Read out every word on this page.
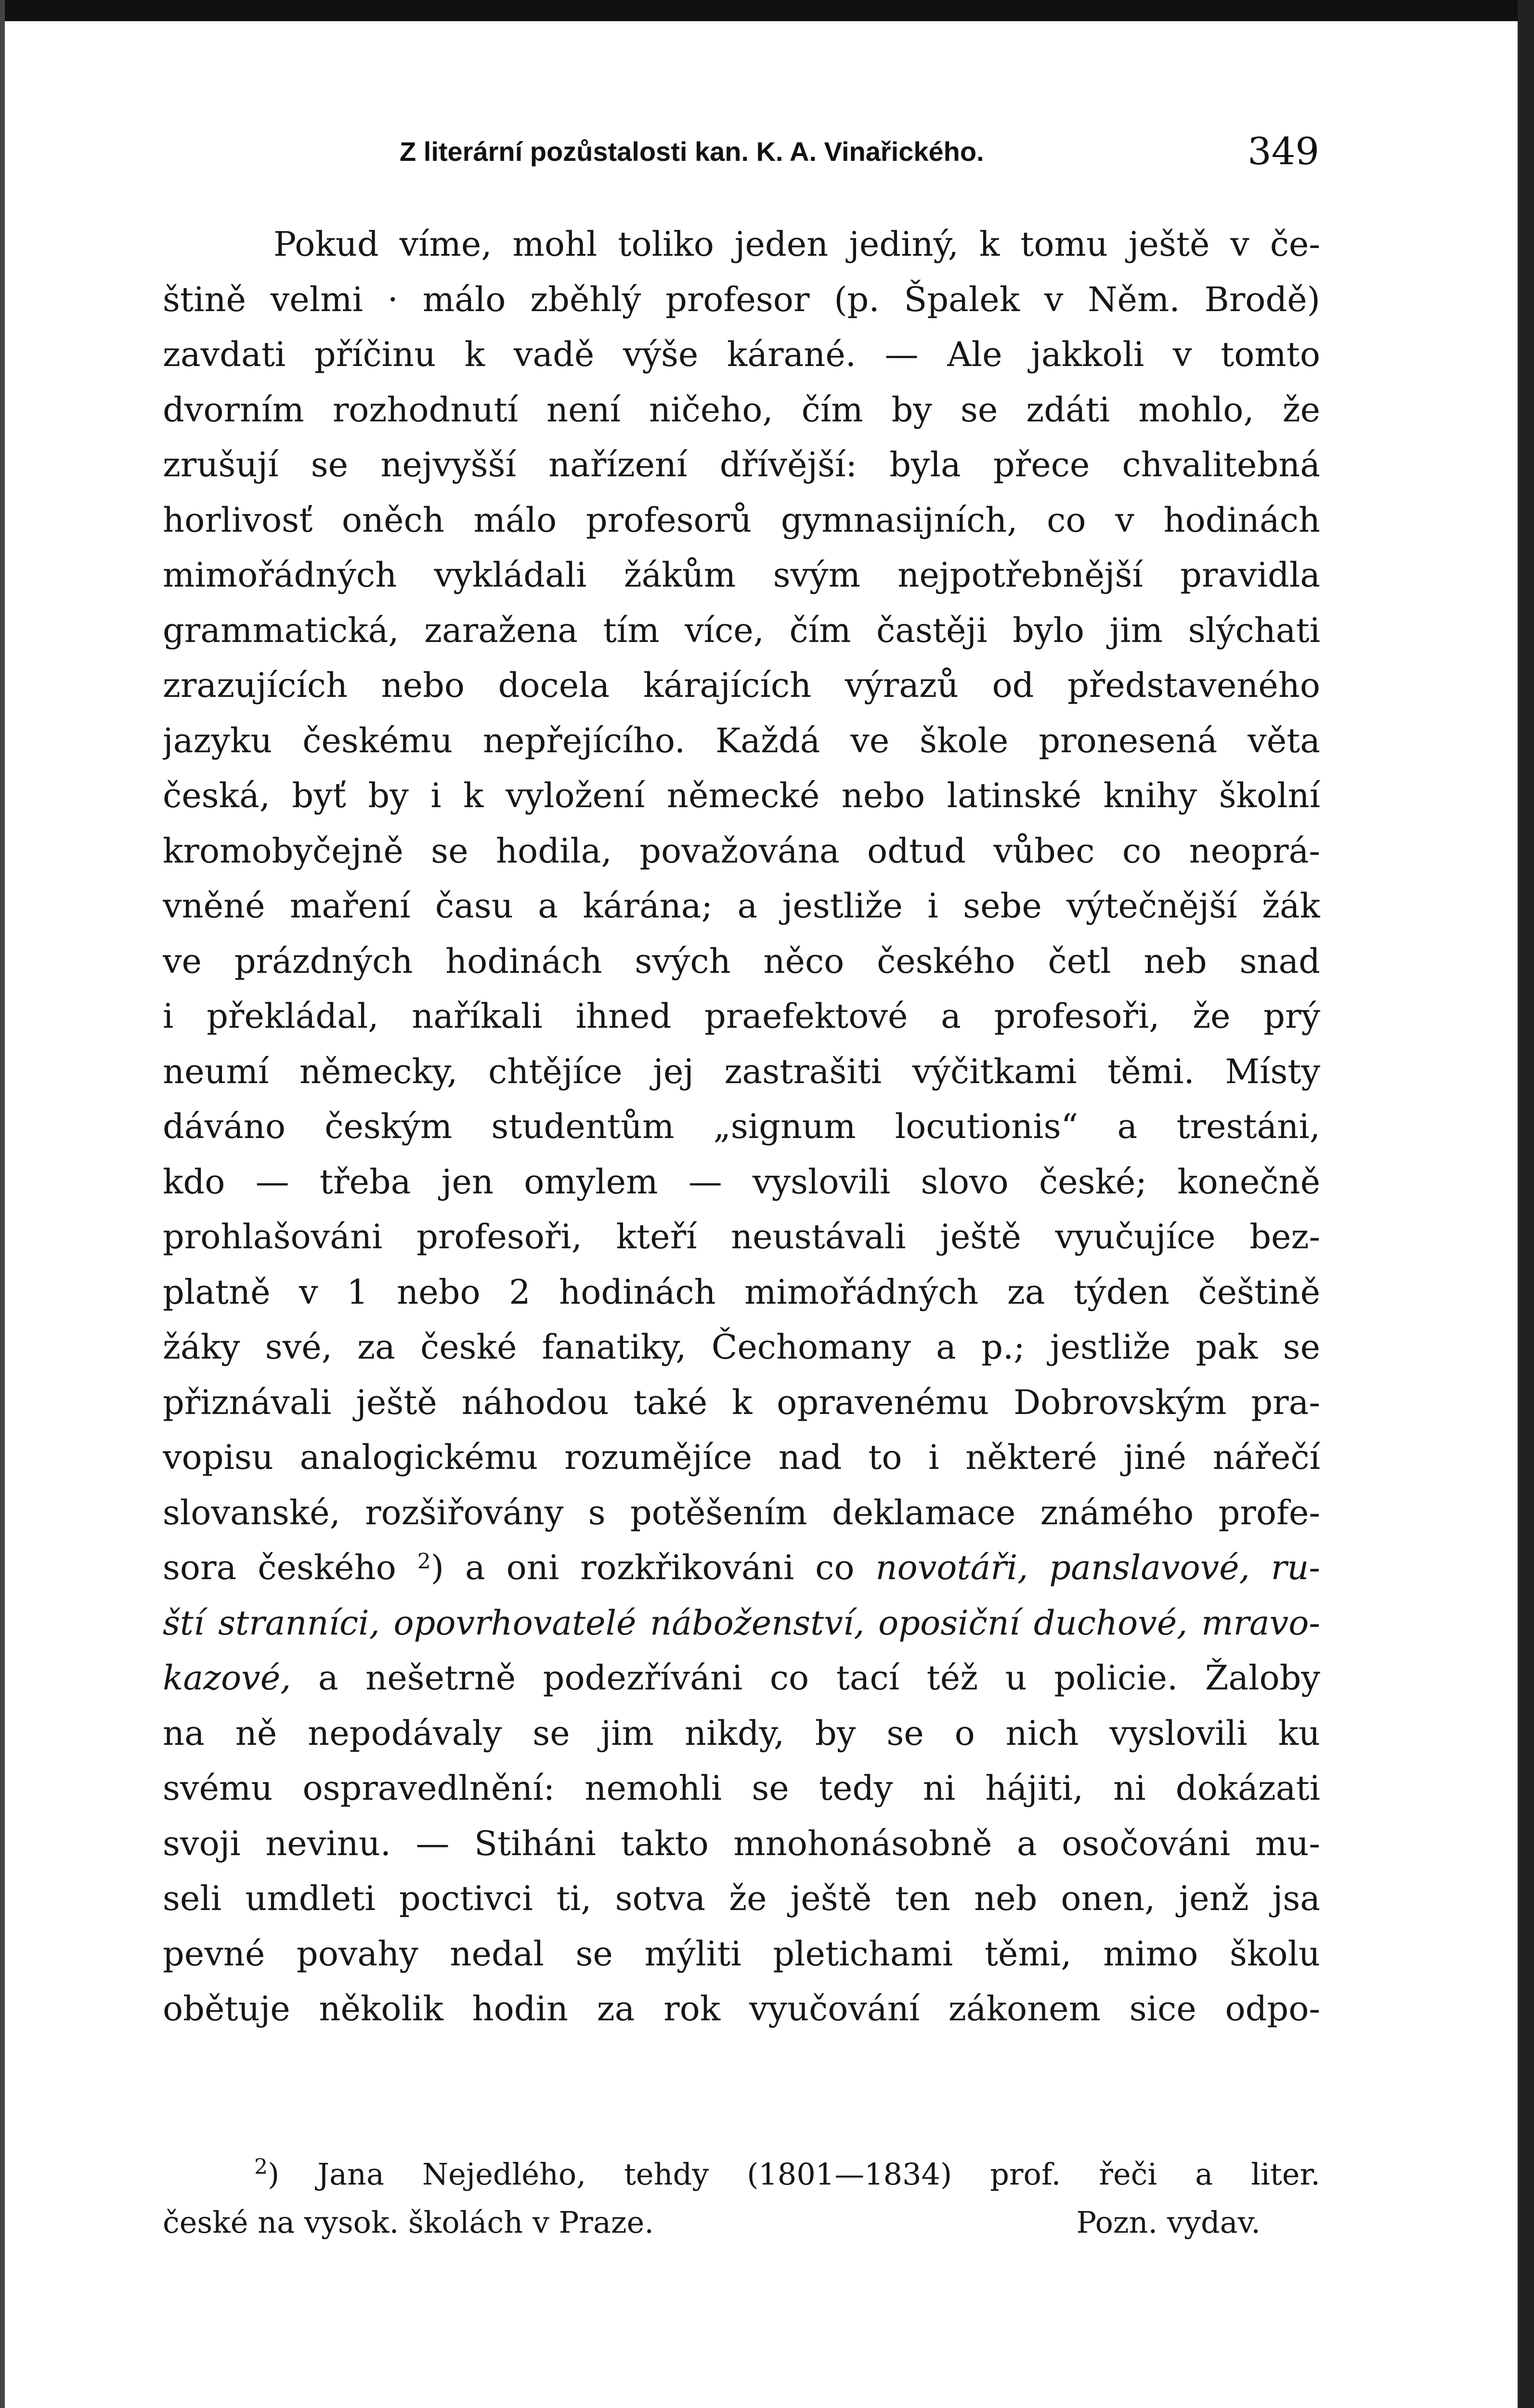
Z literární pozůstalosti kan. K. A. Vinařického.	349
Pokud víme, mohl toliko jeden jediný, k tomu ještě v če-
štině velmi · málo zběhlý profesor (p. Špalek v Něm. Brodě)
zavdati příčinu k vadě výše kárané. — Ale jakkoli v tomto
dvorním rozhodnutí není ničeho, čím by se zdáti mohlo, že
zrušují se nejvyšší nařízení dřívější: byla přece chvalitebná
horlivosť oněch málo profesorů gymnasijních, co v hodinách
mimořádných vykládali žákům svým nejpotřebnější pravidla
grammatická, zaražena tím více, čím častěji bylo jim slýchati
zrazujících nebo docela kárajících výrazů od představeného
jazyku českému nepřejícího. Každá ve škole pronesená věta
česká, byť by i k vyložení německé nebo latinské knihy školní
kromobyčejně se hodila, považována odtud vůbec co neoprá-
vněné maření času a kárána; a jestliže i sebe výtečnější žák
ve prázdných hodinách svých něco českého četl neb snad
i překládal, naříkali ihned praefektové a profesoři, že prý
neumí německy, chtějíce jej zastrašiti výčitkami těmi. Místy
dáváno českým studentům „signum locutionis“ a trestáni,
kdo — třeba jen omylem — vyslovili slovo české; konečně
prohlašováni profesoři, kteří neustávali ještě vyučujíce bez-
platně v 1 nebo 2 hodinách mimořádných za týden češtině
žáky své, za české fanatiky, Čechomany a p.; jestliže pak se
přiznávali ještě náhodou také k opravenému Dobrovským pra-
vopisu analogickému rozumějíce nad to i některé jiné nářečí
slovanské, rozšiřovány s potěšením deklamace známého profe-
sora českého $^2$) a oni rozkřikováni co novotáři, panslavové, ru-
ští stranníci, opovrhovatelé náboženství, oposiční duchové, mravo-
kazové, a nešetrně podezříváni co tací též u policie. Žaloby
na ně nepodávaly se jim nikdy, by se o nich vyslovili ku
svému ospravedlnění: nemohli se tedy ni hájiti, ni dokázati
svoji nevinu. — Stiháni takto mnohonásobně a osočováni mu-
seli umdleti poctivci ti, sotva že ještě ten neb onen, jenž jsa
pevné povahy nedal se mýliti pletichami těmi, mimo školu
obětuje několik hodin za rok vyučování zákonem sice odpo-
$^2$) Jana Nejedlého, tehdy (1801—1834) prof. řeči a liter.
české na vysok. školách v Praze.	Pozn. vydav.
